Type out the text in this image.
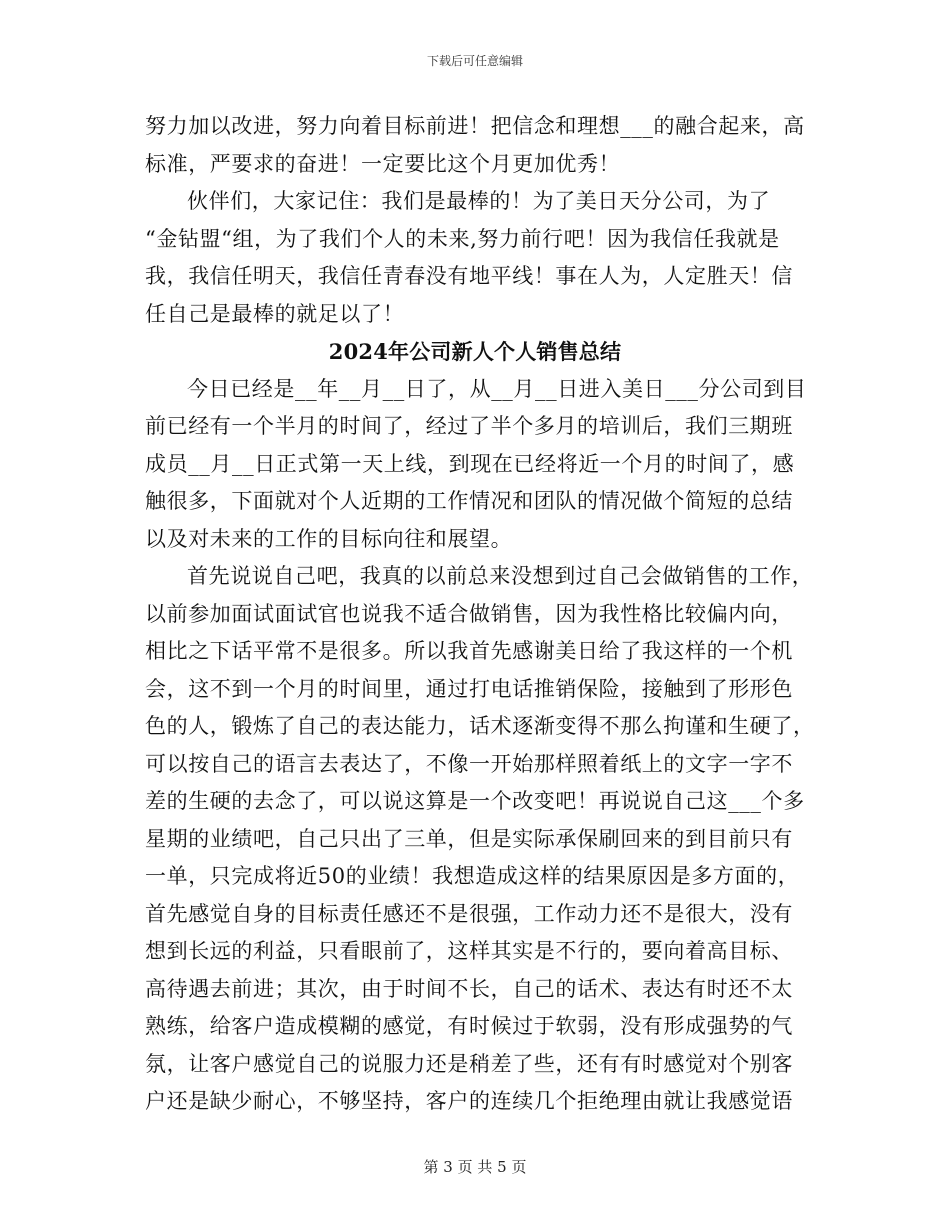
下载后可任意编辑
努力加以改进，努力向着目标前进！把信念和理想___的融合起来，高
标准，严要求的奋进！一定要比这个月更加优秀！
伙伴们，大家记住：我们是最棒的！为了美日天分公司，为了
“金钻盟“组，为了我们个人的未来,努力前行吧！因为我信任我就是
我，我信任明天，我信任青春没有地平线！事在人为，人定胜天！信
任自己是最棒的就足以了！
2024年公司新人个人销售总结
今日已经是__年__月__日了，从__月__日进入美日___分公司到目
前已经有一个半月的时间了，经过了半个多月的培训后，我们三期班
成员__月__日正式第一天上线，到现在已经将近一个月的时间了，感
触很多，下面就对个人近期的工作情况和团队的情况做个简短的总结
以及对未来的工作的目标向往和展望。
首先说说自己吧，我真的以前总来没想到过自己会做销售的工作，
以前参加面试面试官也说我不适合做销售，因为我性格比较偏内向，
相比之下话平常不是很多。所以我首先感谢美日给了我这样的一个机
会，这不到一个月的时间里，通过打电话推销保险，接触到了形形色
色的人，锻炼了自己的表达能力，话术逐渐变得不那么拘谨和生硬了，
可以按自己的语言去表达了，不像一开始那样照着纸上的文字一字不
差的生硬的去念了，可以说这算是一个改变吧！再说说自己这___个多
星期的业绩吧，自己只出了三单，但是实际承保刷回来的到目前只有
一单，只完成将近50的业绩！我想造成这样的结果原因是多方面的，
首先感觉自身的目标责任感还不是很强，工作动力还不是很大，没有
想到长远的利益，只看眼前了，这样其实是不行的，要向着高目标、
高待遇去前进；其次，由于时间不长，自己的话术、表达有时还不太
熟练，给客户造成模糊的感觉，有时候过于软弱，没有形成强势的气
氛，让客户感觉自己的说服力还是稍差了些，还有有时感觉对个别客
户还是缺少耐心，不够坚持，客户的连续几个拒绝理由就让我感觉语
第 3 页 共 5 页
